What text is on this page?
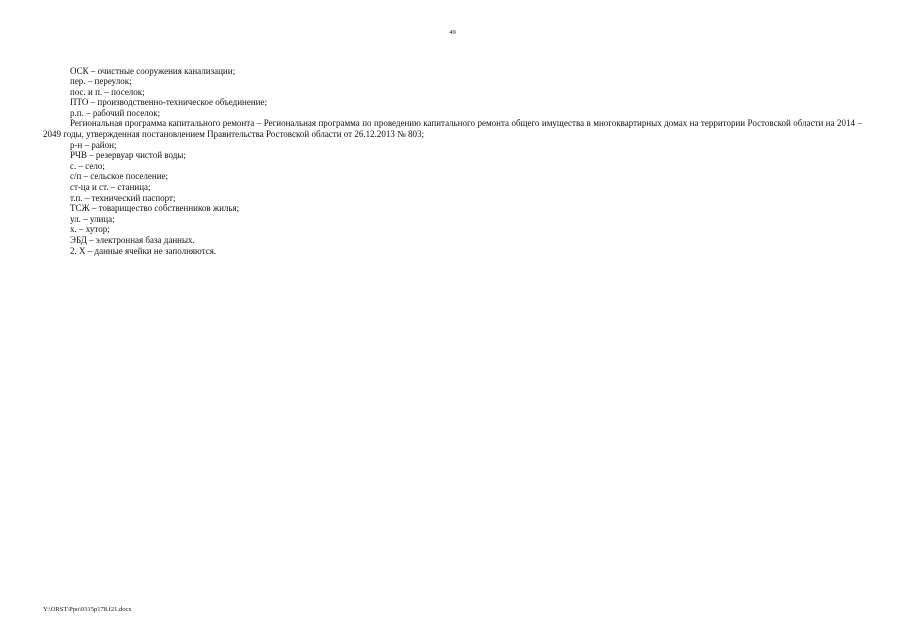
49

ОСК – очистные сооружения канализации;

пер. – переулок;

пос. и п. – поселок;

ПТО – производственно-техническое объединение;

р.п. – рабочий поселок;

Региональная программа капитального ремонта – Региональная программа по проведению капитального ремонта общего имущества в многоквартирных домах на территории Ростовской области на 2014 – 2049 годы, утвержденная постановлением Правительства Ростовской области от 26.12.2013 № 803;

р-н – район;

РЧВ – резервуар чистой воды;

с. – село;

с/п – сельское поселение;

ст-ца и ст. – станица;

т.п. – технический паспорт;

ТСЖ – товарищество собственников жилья;

ул. – улица;

х. – хутор;

ЭБД – электронная база данных.

2. Х – данные ячейки не заполняются.

Y:\ORST\Ppo\0315p178.f21.docx
